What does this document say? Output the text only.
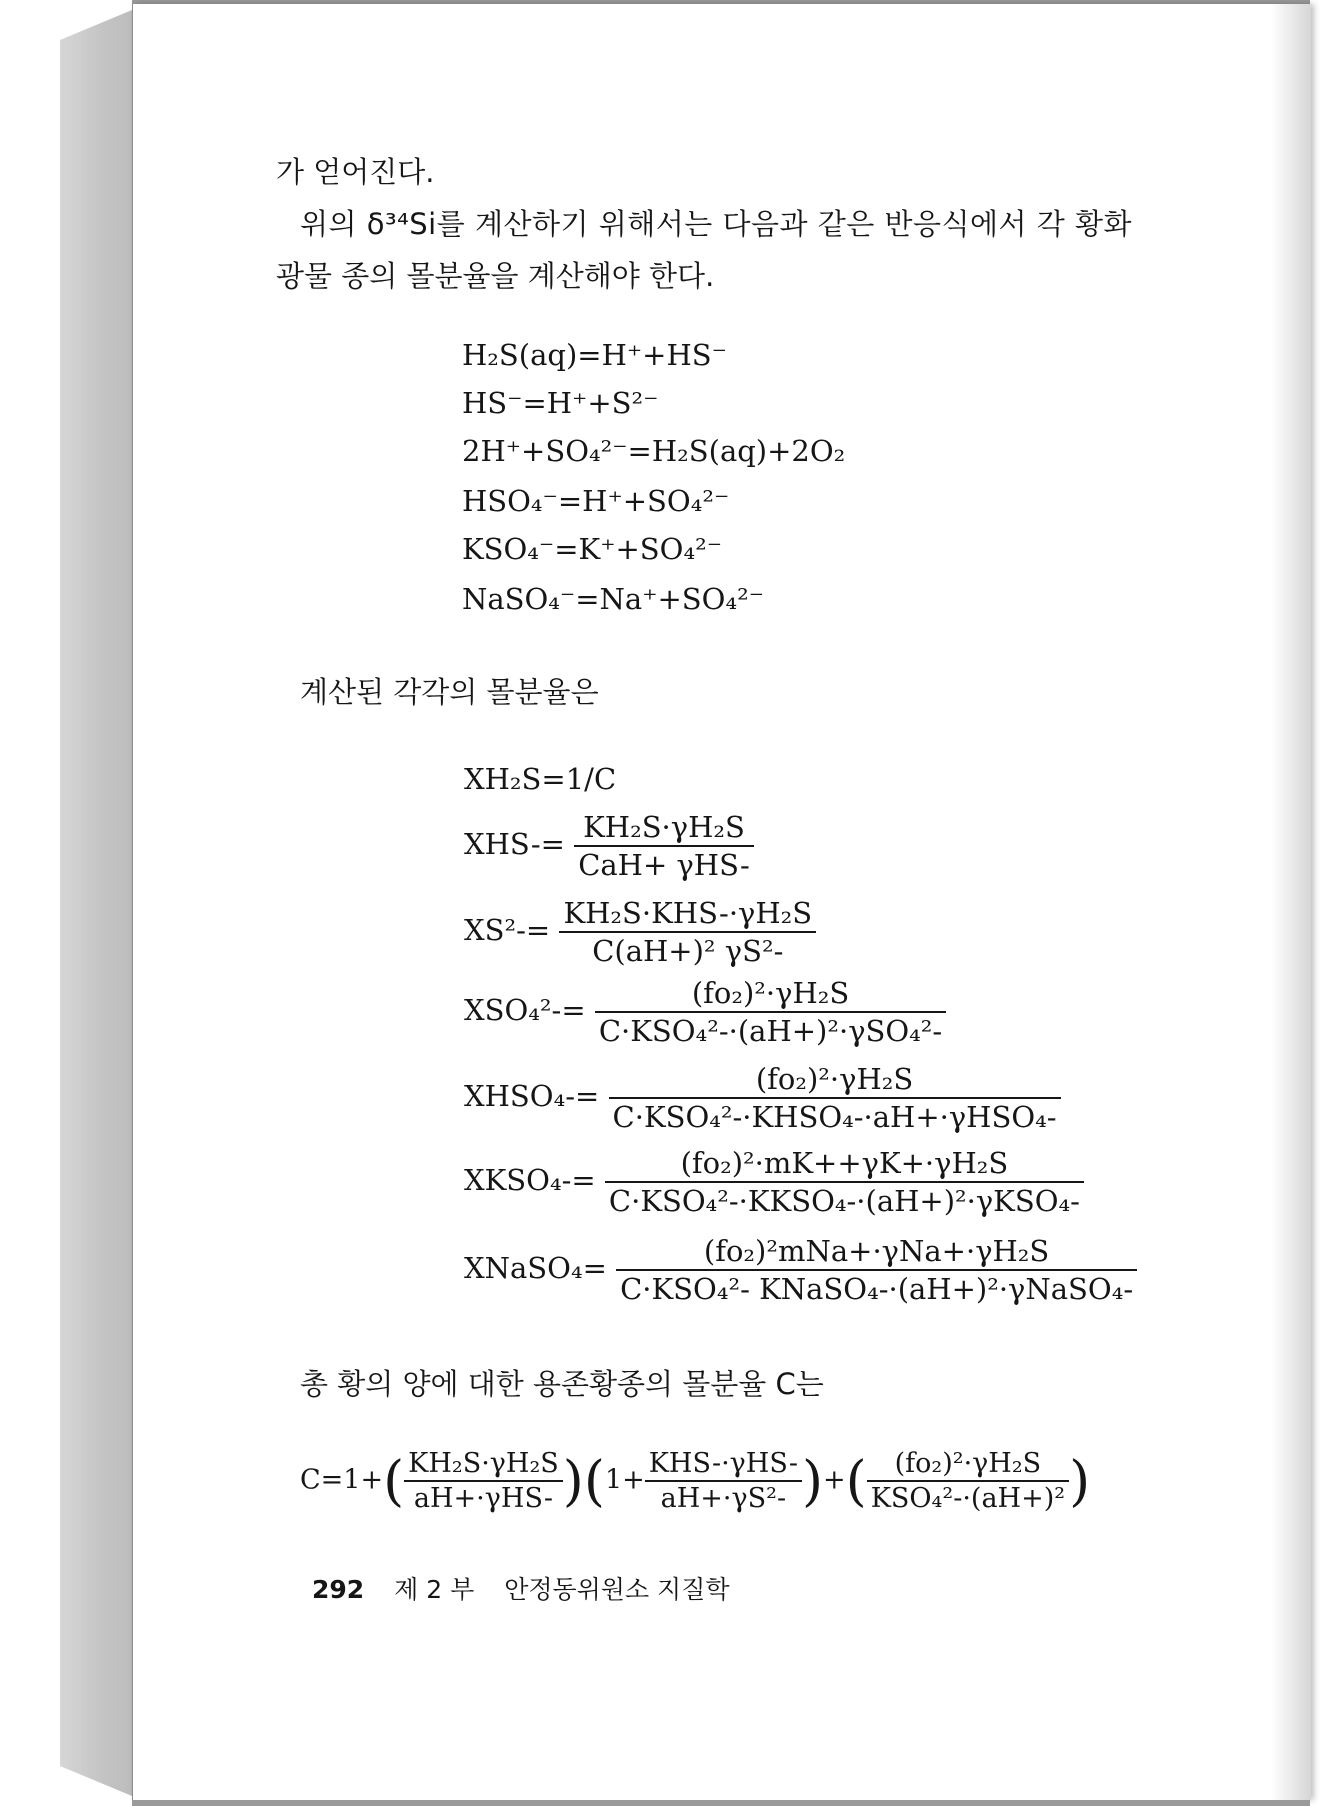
가 얻어진다.
위의 δ³⁴Si를 계산하기 위해서는 다음과 같은 반응식에서 각 황화
광물 종의 몰분율을 계산해야 한다.
H₂S(aq)=H⁺+HS⁻
HS⁻=H⁺+S²⁻
2H⁺+SO₄²⁻=H₂S(aq)+2O₂
HSO₄⁻=H⁺+SO₄²⁻
KSO₄⁻=K⁺+SO₄²⁻
NaSO₄⁻=Na⁺+SO₄²⁻
계산된 각각의 몰분율은
XH₂S=1/C
$XHS-= \frac{\text{KH₂S·γH₂S}}{\text{CaH+ γHS-}}$
$XS^2-= \frac{\text{KH₂S·KHS-·γH₂S}}{\text{C(aH+)² γS²-}}$
$XSO_4^2-= \frac{\text{(fo₂)²·γH₂S}}{\text{C·KSO₄²-·(aH+)²·γSO₄²-}}$
XHSO₄-= $\frac{\text{(fo₂)²·γH₂S}}{\text{C·KSO₄²-·KHSO₄-·aH+·γHSO₄-}}$
XKSO₄-= $\frac{\text{(fo₂)²·mK++γK+·γH₂S}}{\text{C·KSO₄²-·KKSO₄-·(aH+)²·γKSO₄-}}$
XNaSO₄= $\frac{\text{(fo₂)²mNa+·γNa+·γH₂S}}{\text{C·KSO₄²- KNaSO₄-·(aH+)²·γNaSO₄-}}$
총 황의 양에 대한 용존황종의 몰분율 C는
$C=1+( \frac{\text{KH₂S·γH₂S}}{\text{aH+·γHS-}} )(1+ \frac{\text{KHS-·γHS-}}{\text{aH+·γS²-}}$ )+( $\frac{\text{(fo₂)²·γH₂S}}{\text{KSO₄²-·(aH+)²}}$ )
292 제 2 부 안정동위원소 지질학
